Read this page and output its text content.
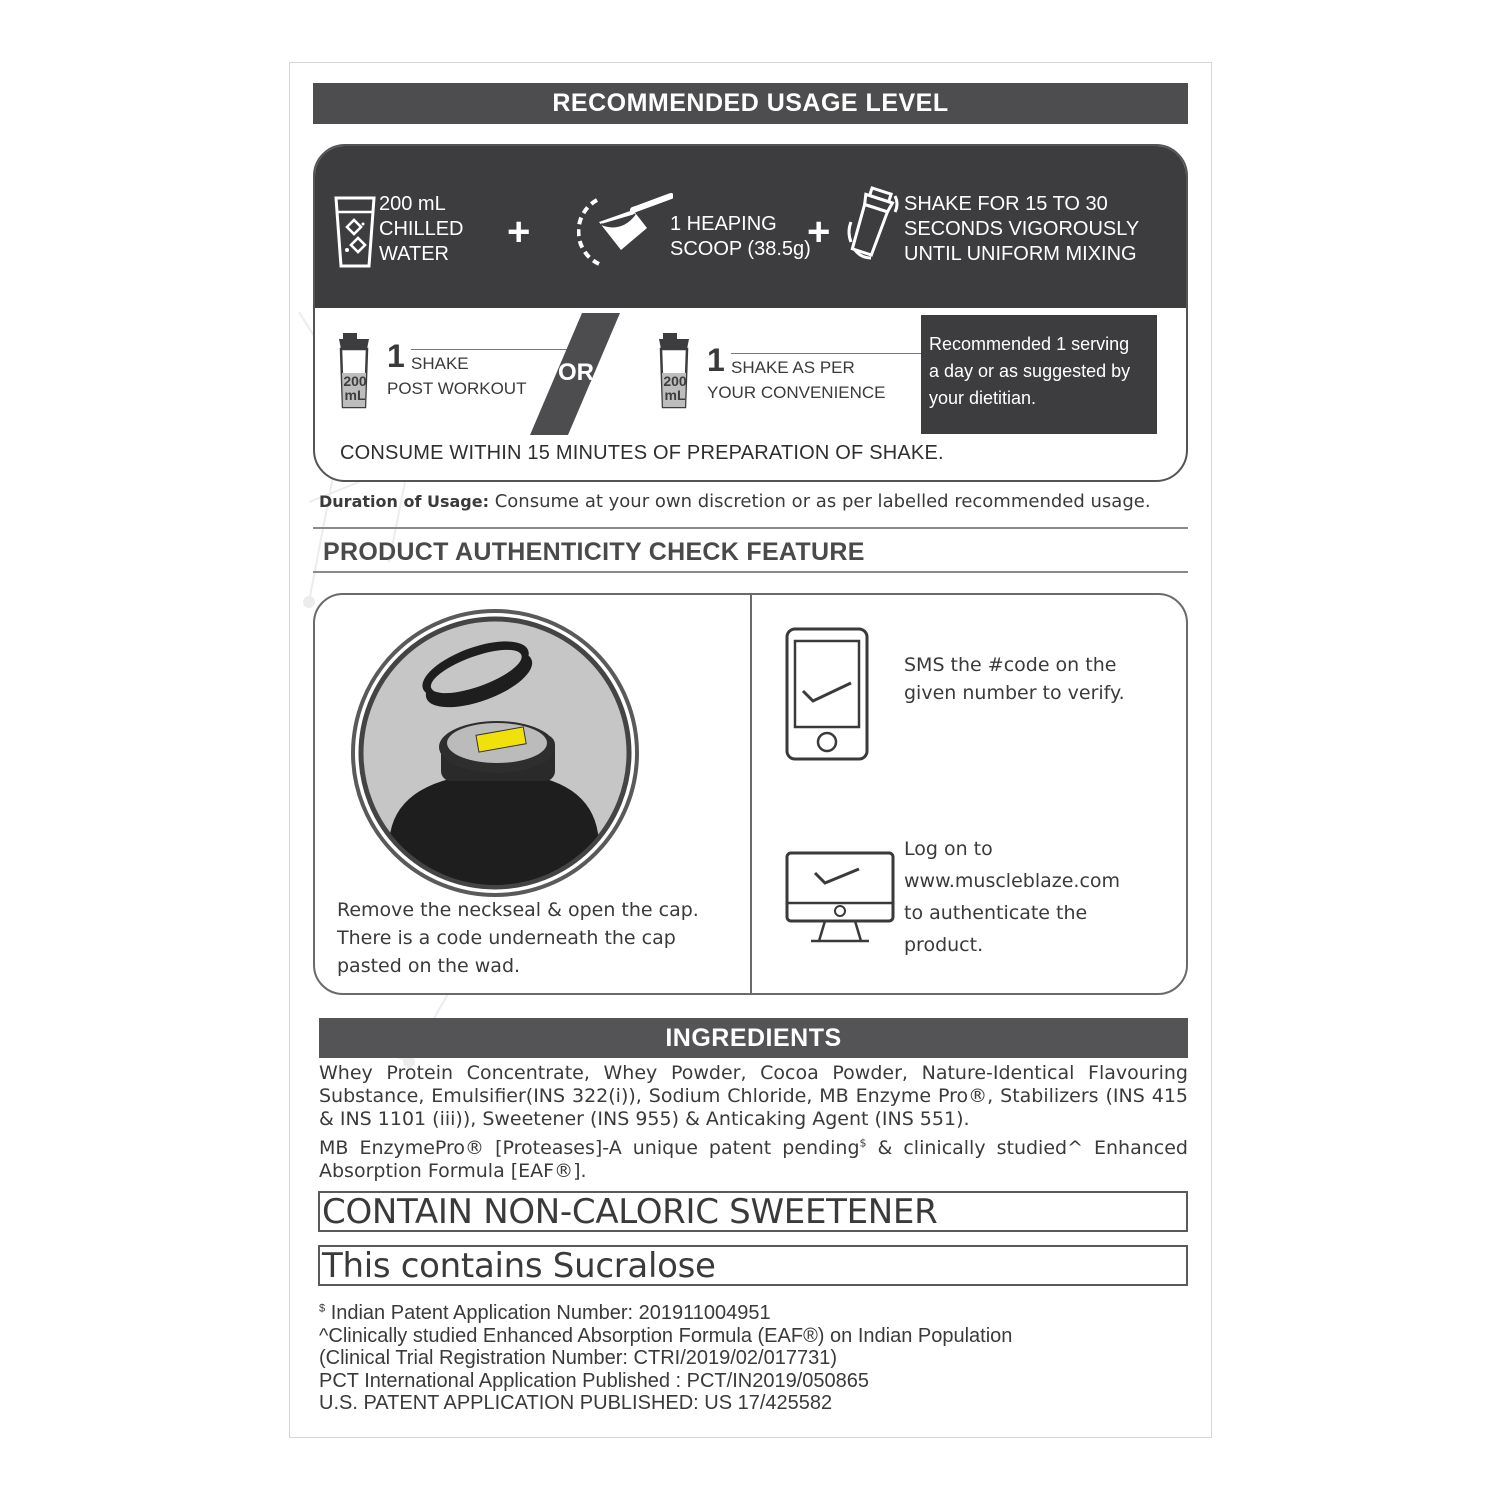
RECOMMENDED USAGE LEVEL
200 mL
CHILLED
WATER	+	1 HEAPING
SCOOP (38.5g)
+
SHAKE FOR 15 TO 30
SECONDS VIGOROUSLY
UNTIL UNIFORM MIXING
200 mL
1 SHAKE
POST WORKOUT
OR	200 mL
1 SHAKE AS PER
YOUR CONVENIENCE
Recommended 1 serving
a day or as suggested by
your dietitian.
CONSUME WITHIN 15 MINUTES OF PREPARATION OF SHAKE.
Duration of Usage: Consume at your own discretion or as per labelled recommended usage.
PRODUCT AUTHENTICITY CHECK FEATURE
Remove the neckseal & open the cap.
There is a code underneath the cap
pasted on the wad.
SMS the #code on the
given number to verify.
Log on to
www.muscleblaze.com
to authenticate the
product.
INGREDIENTS

Whey Protein Concentrate, Whey Powder, Cocoa Powder, Nature-Identical Flavouring Substance, Emulsifier(INS 322(i)), Sodium Chloride, MB Enzyme Pro®, Stabilizers (INS 415 & INS 1101 (iii)), Sweetener (INS 955) & Anticaking Agent (INS 551).

MB EnzymePro® [Proteases]-A unique patent pending$ & clinically studied^ Enhanced Absorption Formula [EAF®].

CONTAIN NON-CALORIC SWEETENER
This contains Sucralose
$ Indian Patent Application Number: 201911004951
^Clinically studied Enhanced Absorption Formula (EAF®) on Indian Population
(Clinical Trial Registration Number: CTRI/2019/02/017731)
PCT International Application Published : PCT/IN2019/050865
U.S. PATENT APPLICATION PUBLISHED: US 17/425582
